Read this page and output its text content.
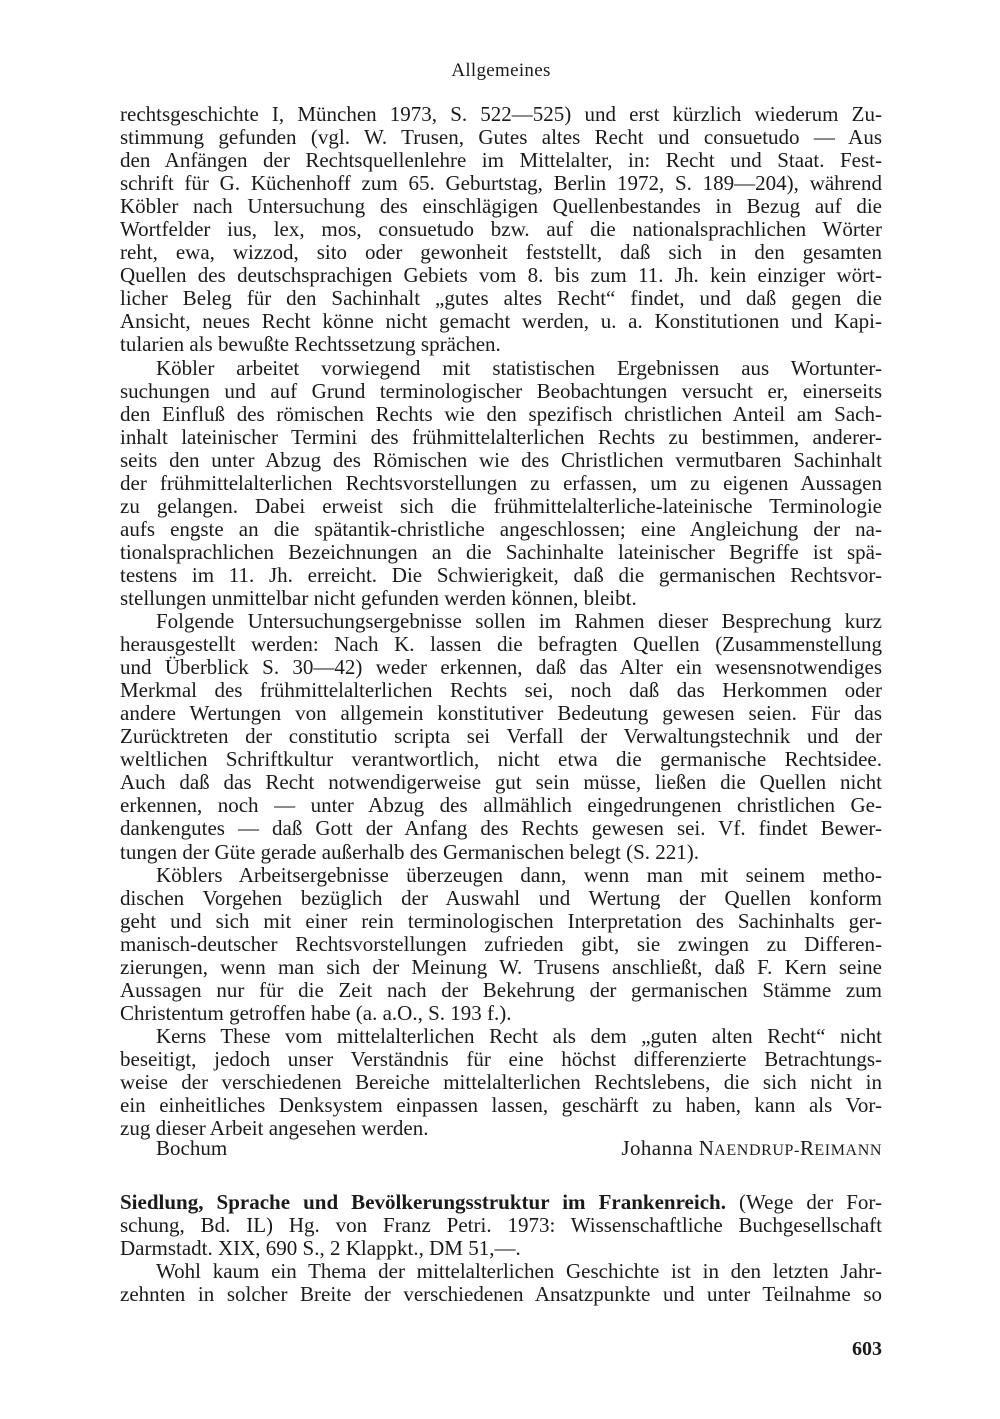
Allgemeines
rechtsgeschichte I, München 1973, S. 522—525) und erst kürzlich wiederum Zu-
stimmung gefunden (vgl. W. Trusen, Gutes altes Recht und consuetudo — Aus
den Anfängen der Rechtsquellenlehre im Mittelalter, in: Recht und Staat. Fest-
schrift für G. Küchenhoff zum 65. Geburtstag, Berlin 1972, S. 189—204), während
Köbler nach Untersuchung des einschlägigen Quellenbestandes in Bezug auf die
Wortfelder ius, lex, mos, consuetudo bzw. auf die nationalsprachlichen Wörter
reht, ewa, wizzod, sito oder gewonheit feststellt, daß sich in den gesamten
Quellen des deutschsprachigen Gebiets vom 8. bis zum 11. Jh. kein einziger wört-
licher Beleg für den Sachinhalt „gutes altes Recht“ findet, und daß gegen die
Ansicht, neues Recht könne nicht gemacht werden, u. a. Konstitutionen und Kapi-
tularien als bewußte Rechtssetzung sprächen.
Köbler arbeitet vorwiegend mit statistischen Ergebnissen aus Wortunter-
suchungen und auf Grund terminologischer Beobachtungen versucht er, einerseits
den Einfluß des römischen Rechts wie den spezifisch christlichen Anteil am Sach-
inhalt lateinischer Termini des frühmittelalterlichen Rechts zu bestimmen, anderer-
seits den unter Abzug des Römischen wie des Christlichen vermutbaren Sachinhalt
der frühmittelalterlichen Rechtsvorstellungen zu erfassen, um zu eigenen Aussagen
zu gelangen. Dabei erweist sich die frühmittelalterliche-lateinische Terminologie
aufs engste an die spätantik-christliche angeschlossen; eine Angleichung der na-
tionalsprachlichen Bezeichnungen an die Sachinhalte lateinischer Begriffe ist spä-
testens im 11. Jh. erreicht. Die Schwierigkeit, daß die germanischen Rechtsvor-
stellungen unmittelbar nicht gefunden werden können, bleibt.
Folgende Untersuchungsergebnisse sollen im Rahmen dieser Besprechung kurz
herausgestellt werden: Nach K. lassen die befragten Quellen (Zusammenstellung
und Überblick S. 30—42) weder erkennen, daß das Alter ein wesensnotwendiges
Merkmal des frühmittelalterlichen Rechts sei, noch daß das Herkommen oder
andere Wertungen von allgemein konstitutiver Bedeutung gewesen seien. Für das
Zurücktreten der constitutio scripta sei Verfall der Verwaltungstechnik und der
weltlichen Schriftkultur verantwortlich, nicht etwa die germanische Rechtsidee.
Auch daß das Recht notwendigerweise gut sein müsse, ließen die Quellen nicht
erkennen, noch — unter Abzug des allmählich eingedrungenen christlichen Ge-
dankengutes — daß Gott der Anfang des Rechts gewesen sei. Vf. findet Bewer-
tungen der Güte gerade außerhalb des Germanischen belegt (S. 221).
Köblers Arbeitsergebnisse überzeugen dann, wenn man mit seinem metho-
dischen Vorgehen bezüglich der Auswahl und Wertung der Quellen konform
geht und sich mit einer rein terminologischen Interpretation des Sachinhalts ger-
manisch-deutscher Rechtsvorstellungen zufrieden gibt, sie zwingen zu Differen-
zierungen, wenn man sich der Meinung W. Trusens anschließt, daß F. Kern seine
Aussagen nur für die Zeit nach der Bekehrung der germanischen Stämme zum
Christentum getroffen habe (a. a.O., S. 193 f.).
Kerns These vom mittelalterlichen Recht als dem „guten alten Recht“ nicht
beseitigt, jedoch unser Verständnis für eine höchst differenzierte Betrachtungs-
weise der verschiedenen Bereiche mittelalterlichen Rechtslebens, die sich nicht in
ein einheitliches Denksystem einpassen lassen, geschärft zu haben, kann als Vor-
zug dieser Arbeit angesehen werden.
Bochum	Johanna NAENDRUP-REIMANN
Siedlung, Sprache und Bevölkerungsstruktur im Frankenreich. (Wege der For-
schung, Bd. IL) Hg. von Franz Petri. 1973: Wissenschaftliche Buchgesellschaft
Darmstadt. XIX, 690 S., 2 Klappkt., DM 51,—.
Wohl kaum ein Thema der mittelalterlichen Geschichte ist in den letzten Jahr-
zehnten in solcher Breite der verschiedenen Ansatzpunkte und unter Teilnahme so
603
